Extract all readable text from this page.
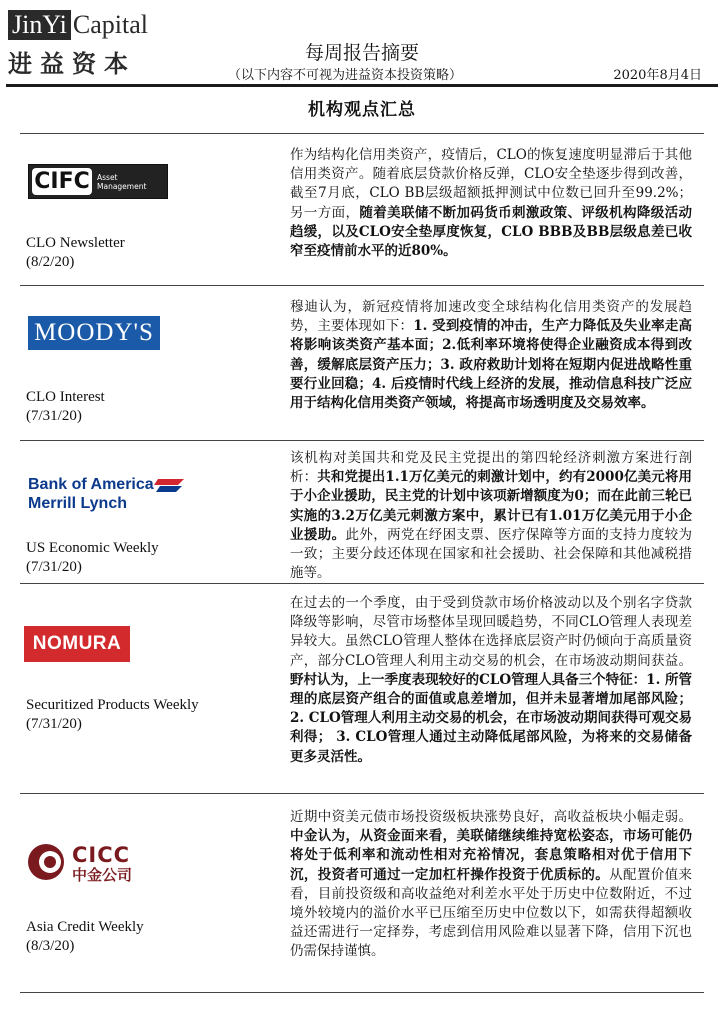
JinYi Capital
进益资本	每周报告摘要
（以下内容不可视为进益资本投资策略）	2020年8月4日
机构观点汇总
CIFC Asset Management
CLO Newsletter
(8/2/20)
作为结构化信用类资产，疫情后，CLO的恢复速度明显滞后于其他信用类资产。随着底层贷款价格反弹，CLO安全垫逐步得到改善，截至7月底，CLO BB层级超额抵押测试中位数已回升至99.2%；另一方面，随着美联储不断加码货币刺激政策、评级机构降级活动趋缓，以及CLO安全垫厚度恢复，CLO BBB及BB层级息差已收窄至疫情前水平的近80%。
MOODY'S
CLO Interest
(7/31/20)
穆迪认为，新冠疫情将加速改变全球结构化信用类资产的发展趋势，主要体现如下：1. 受到疫情的冲击，生产力降低及失业率走高将影响该类资产基本面；2.低利率环境将使得企业融资成本得到改善，缓解底层资产压力；3. 政府救助计划将在短期内促进战略性重要行业回稳；4. 后疫情时代线上经济的发展，推动信息科技广泛应用于结构化信用类资产领域，将提高市场透明度及交易效率。
Bank of America
Merrill Lynch
US Economic Weekly
(7/31/20)
该机构对美国共和党及民主党提出的第四轮经济刺激方案进行剖析：共和党提出1.1万亿美元的刺激计划中，约有2000亿美元将用于小企业援助，民主党的计划中该项新增额度为0；而在此前三轮已实施的3.2万亿美元刺激方案中，累计已有1.01万亿美元用于小企业援助。此外，两党在纾困支票、医疗保障等方面的支持力度较为一致；主要分歧还体现在国家和社会援助、社会保障和其他减税措施等。
NOMURA
Securitized Products Weekly
(7/31/20)
在过去的一个季度，由于受到贷款市场价格波动以及个别名字贷款降级等影响，尽管市场整体呈现回暖趋势，不同CLO管理人表现差异较大。虽然CLO管理人整体在选择底层资产时仍倾向于高质量资产，部分CLO管理人利用主动交易的机会，在市场波动期间获益。野村认为，上一季度表现较好的CLO管理人具备三个特征：1. 所管理的底层资产组合的面值或息差增加，但并未显著增加尾部风险；2. CLO管理人利用主动交易的机会，在市场波动期间获得可观交易利得； 3. CLO管理人通过主动降低尾部风险，为将来的交易储备更多灵活性。
CICC
中金公司
Asia Credit Weekly
(8/3/20)
近期中资美元债市场投资级板块涨势良好，高收益板块小幅走弱。中金认为，从资金面来看，美联储继续维持宽松姿态，市场可能仍将处于低利率和流动性相对充裕情况，套息策略相对优于信用下沉，投资者可通过一定加杠杆操作投资于优质标的。从配置价值来看，目前投资级和高收益绝对利差水平处于历史中位数附近，不过境外较境内的溢价水平已压缩至历史中位数以下，如需获得超额收益还需进行一定择券，考虑到信用风险难以显著下降，信用下沉也仍需保持谨慎。
